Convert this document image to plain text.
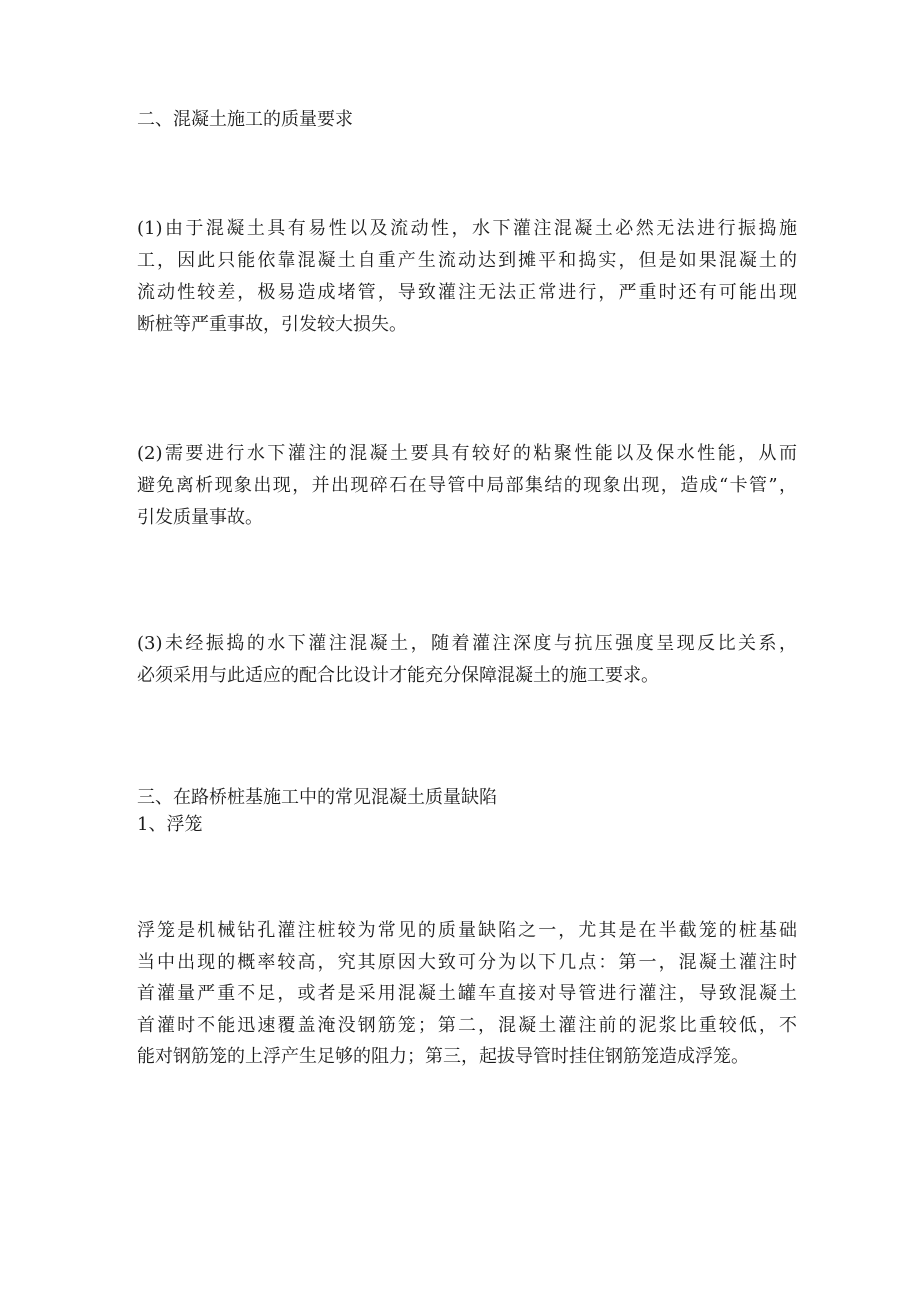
二、混凝土施工的质量要求
(1)由于混凝土具有易性以及流动性，水下灌注混凝土必然无法进行振捣施
工，因此只能依靠混凝土自重产生流动达到摊平和捣实，但是如果混凝土的
流动性较差，极易造成堵管，导致灌注无法正常进行，严重时还有可能出现
断桩等严重事故，引发较大损失。
(2)需要进行水下灌注的混凝土要具有较好的粘聚性能以及保水性能，从而
避免离析现象出现，并出现碎石在导管中局部集结的现象出现，造成“卡管”，
引发质量事故。
(3)未经振捣的水下灌注混凝土，随着灌注深度与抗压强度呈现反比关系，
必须采用与此适应的配合比设计才能充分保障混凝土的施工要求。
三、在路桥桩基施工中的常见混凝土质量缺陷
1、浮笼
浮笼是机械钻孔灌注桩较为常见的质量缺陷之一，尤其是在半截笼的桩基础
当中出现的概率较高，究其原因大致可分为以下几点：第一，混凝土灌注时
首灌量严重不足，或者是采用混凝土罐车直接对导管进行灌注，导致混凝土
首灌时不能迅速覆盖淹没钢筋笼；第二，混凝土灌注前的泥浆比重较低，不
能对钢筋笼的上浮产生足够的阻力；第三，起拔导管时挂住钢筋笼造成浮笼。
